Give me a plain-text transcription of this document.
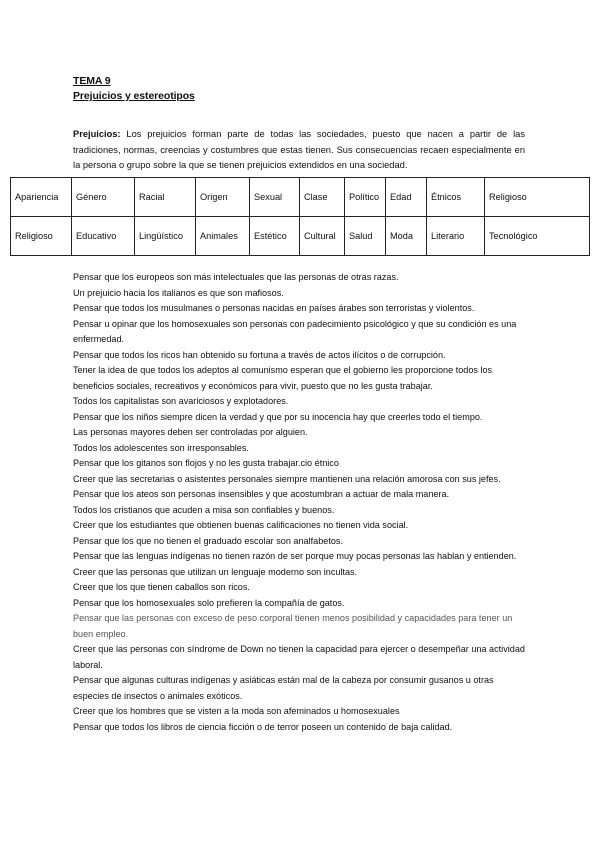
TEMA 9
Prejuicios y estereotipos

Prejuicios: Los prejuicios forman parte de todas las sociedades, puesto que nacen a partir de las tradiciones, normas, creencias y costumbres que estas tienen. Sus consecuencias recaen especialmente en la persona o grupo sobre la que se tienen prejuicios extendidos en una sociedad.

Apariencia	Género	Racial	Origen	Sexual	Clase	Político	Edad	Étnicos	Religioso
Religioso	Educativo	Lingüístico	Animales	Estético	Cultural	Salud	Moda	Literario	Tecnológico
Pensar que los europeos son más intelectuales que las personas de otras razas.
Un prejuicio hacia los italianos es que son mafiosos.
Pensar que todos los musulmanes o personas nacidas en países árabes son terroristas y violentos.
Pensar u opinar que los homosexuales son personas con padecimiento psicológico y que su condición es una enfermedad.
Pensar que todos los ricos han obtenido su fortuna a través de actos ilícitos o de corrupción.
Tener la idea de que todos los adeptos al comunismo esperan que el gobierno les proporcione todos los beneficios sociales, recreativos y económicos para vivir, puesto que no les gusta trabajar.
Todos los capitalistas son avariciosos y explotadores.
Pensar que los niños siempre dicen la verdad y que por su inocencia hay que creerles todo el tiempo.
Las personas mayores deben ser controladas por alguien.
Todos los adolescentes son irresponsables.
Pensar que los gitanos son flojos y no les gusta trabajar.cio étnico
Creer que las secretarias o asistentes personales siempre mantienen una relación amorosa con sus jefes.
Pensar que los ateos son personas insensibles y que acostumbran a actuar de mala manera.
Todos los cristianos que acuden a misa son confiables y buenos.
Creer que los estudiantes que obtienen buenas calificaciones no tienen vida social.
Pensar que los que no tienen el graduado escolar son analfabetos.
Pensar que las lenguas indígenas no tienen razón de ser porque muy pocas personas las hablan y entienden.
Creer que las personas que utilizan un lenguaje moderno son incultas.
Creer que los que tienen caballos son ricos.
Pensar que los homosexuales solo prefieren la compañía de gatos.
Pensar que las personas con exceso de peso corporal tienen menos posibilidad y capacidades para tener un buen empleo.
Creer que las personas con síndrome de Down no tienen la capacidad para ejercer o desempeñar una actividad laboral.
Pensar que algunas culturas indígenas y asiáticas están mal de la cabeza por consumir gusanos u otras especies de insectos o animales exóticos.
Creer que los hombres que se visten a la moda son afeminados u homosexuales
Pensar que todos los libros de ciencia ficción o de terror poseen un contenido de baja calidad.
